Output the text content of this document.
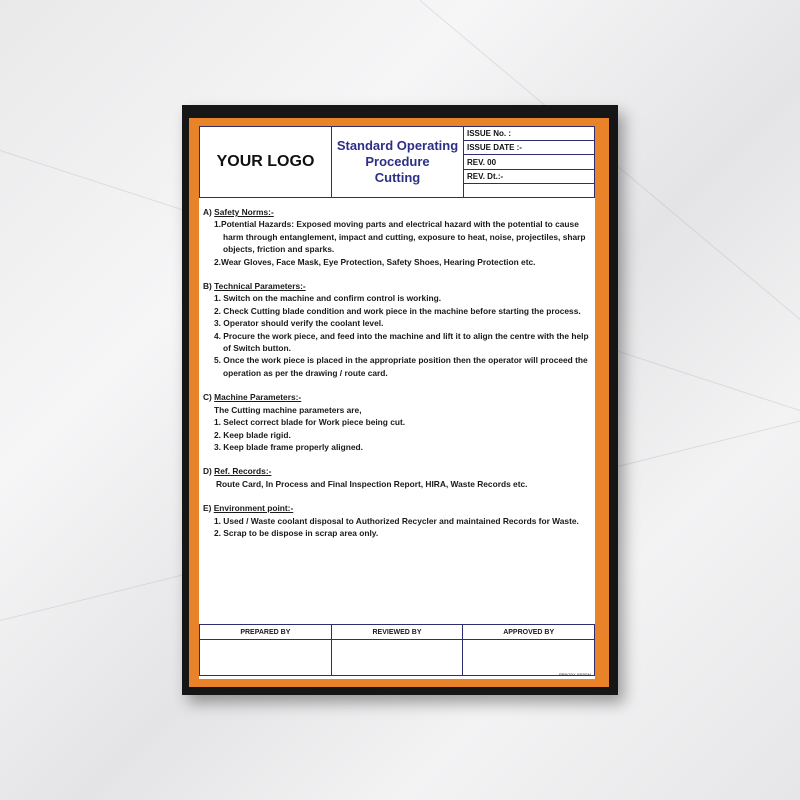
YOUR LOGO
Standard Operating
Procedure
Cutting
ISSUE No. :
ISSUE DATE :-
REV. 00
REV. Dt.:-
A) Safety Norms:-
1.Potential Hazards: Exposed moving parts and electrical hazard with the potential to cause
harm through entanglement, impact and cutting, exposure to heat, noise, projectiles, sharp objects, friction and sparks.
2.Wear Gloves, Face Mask, Eye Protection, Safety Shoes, Hearing Protection etc.
B) Technical Parameters:-
1. Switch on the machine and confirm control is working.
2. Check Cutting blade condition and work piece in the machine before starting the process.
3. Operator should verify the coolant level.
4. Procure the work piece, and feed into the machine and lift it to align the centre with the help
of Switch button.
5. Once the work piece is placed in the appropriate position then the operator will proceed the
operation as per the drawing / route card.
C) Machine Parameters:-
The Cutting machine parameters are,
1. Select correct blade for Work piece being cut.
2. Keep blade rigid.
3. Keep blade frame properly aligned.
D) Ref. Records:-
Route Card, In Process and Final Inspection Report, HIRA, Waste Records etc.
E) Environment point:-
1. Used / Waste coolant disposal to Authorized Recycler and maintained Records for Waste.
2. Scrap to be dispose in scrap area only.
PREPARED BY	REVIEWED BY	APPROVED BY
PRBGBX-PSPSM
